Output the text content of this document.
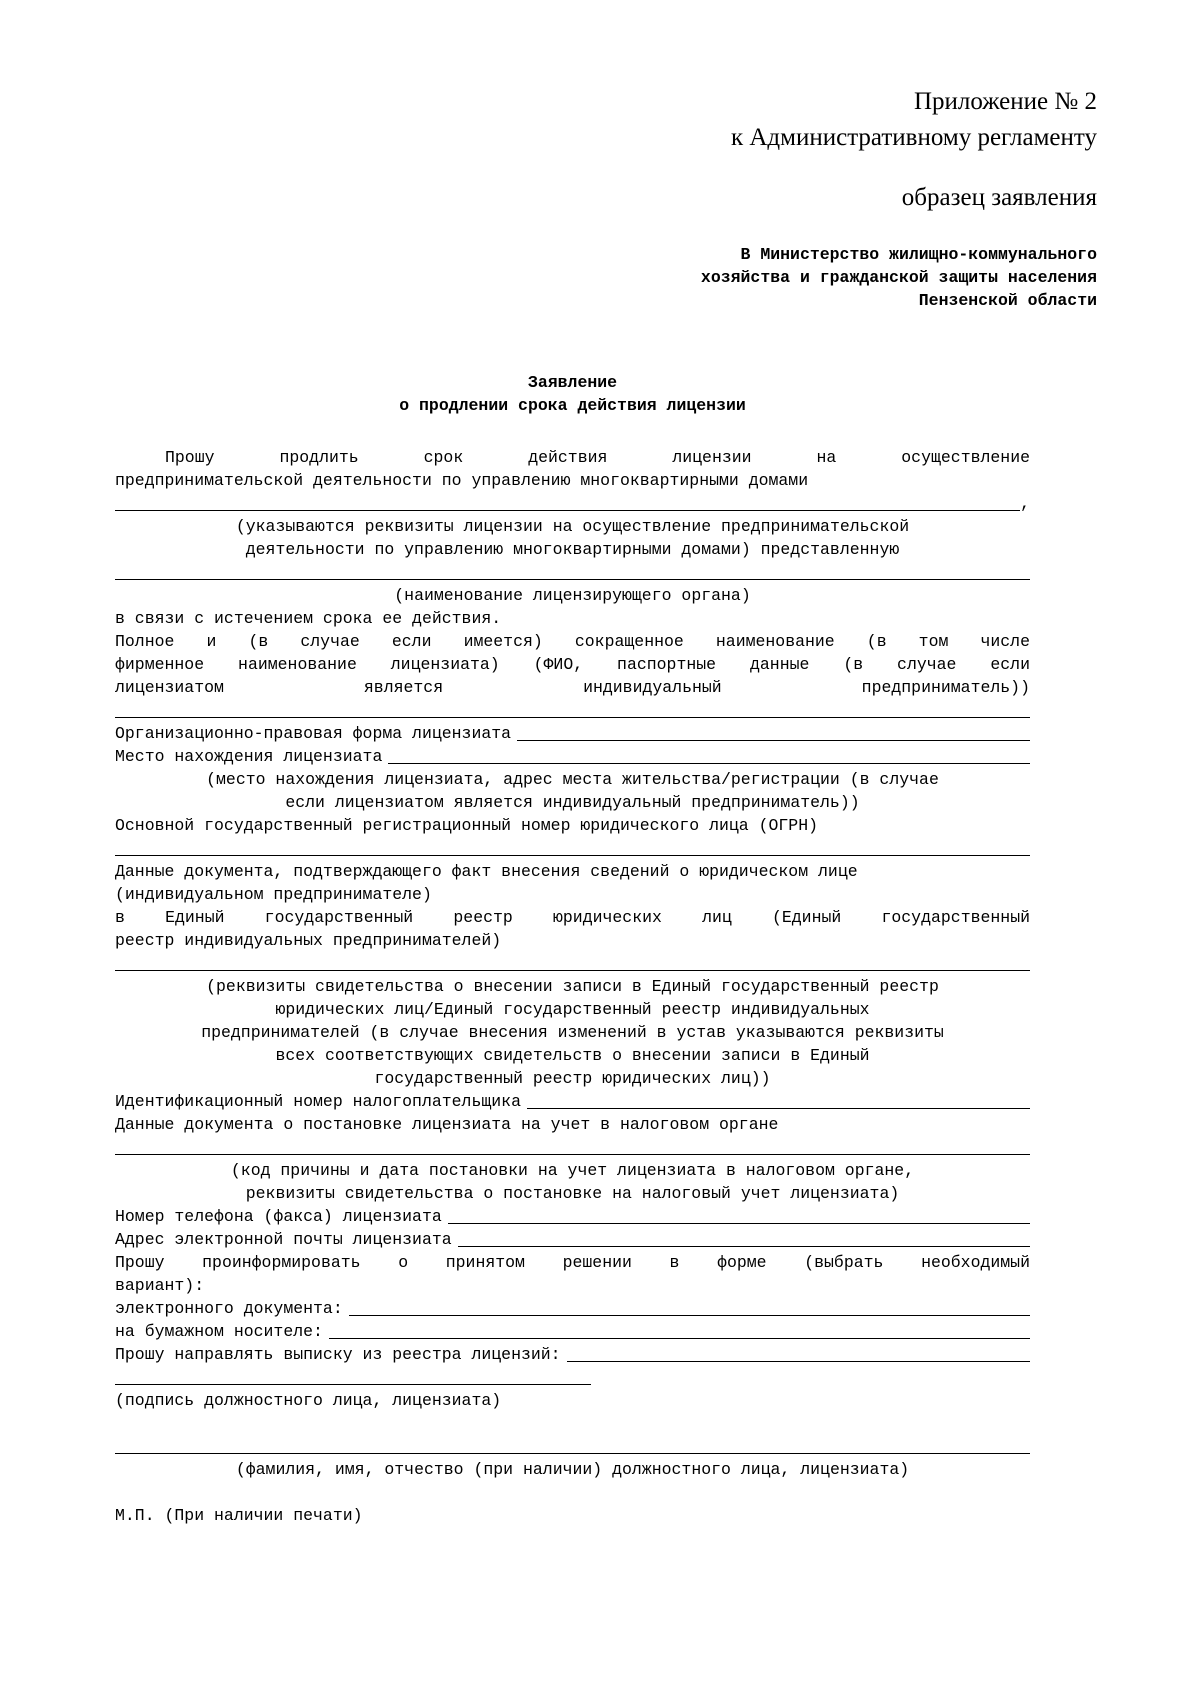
Приложение № 2
к Административному регламенту
образец заявления
В Министерство жилищно-коммунального
хозяйства и гражданской защиты населения
Пензенской области
Заявление
о продлении срока действия лицензии
Прошу продлить срок действия лицензии на осуществление
предпринимательской деятельности по управлению многоквартирными домами
,
(указываются реквизиты лицензии на осуществление предпринимательской
деятельности по управлению многоквартирными домами) представленную
(наименование лицензирующего органа)
в связи с истечением срока ее действия.
Полное и (в случае если имеется) сокращенное наименование (в том числе
фирменное наименование лицензиата) (ФИО, паспортные данные (в случае если
лицензиатом является индивидуальный предприниматель))
Организационно-правовая форма лицензиата
Место нахождения лицензиата
(место нахождения лицензиата, адрес места жительства/регистрации (в случае
если лицензиатом является индивидуальный предприниматель))
Основной государственный регистрационный номер юридического лица (ОГРН)
Данные документа, подтверждающего факт внесения сведений о юридическом лице
(индивидуальном предпринимателе)
в Единый государственный реестр юридических лиц (Единый государственный
реестр индивидуальных предпринимателей)
(реквизиты свидетельства о внесении записи в Единый государственный реестр
юридических лиц/Единый государственный реестр индивидуальных
предпринимателей (в случае внесения изменений в устав указываются реквизиты
всех соответствующих свидетельств о внесении записи в Единый
государственный реестр юридических лиц))
Идентификационный номер налогоплательщика
Данные документа о постановке лицензиата на учет в налоговом органе
(код причины и дата постановки на учет лицензиата в налоговом органе,
реквизиты свидетельства о постановке на налоговый учет лицензиата)
Номер телефона (факса) лицензиата
Адрес электронной почты лицензиата
Прошу проинформировать о принятом решении в форме (выбрать необходимый
вариант):
электронного документа:
на бумажном носителе:
Прошу направлять выписку из реестра лицензий:
(подпись должностного лица, лицензиата)
(фамилия, имя, отчество (при наличии) должностного лица, лицензиата)
М.П. (При наличии печати)
